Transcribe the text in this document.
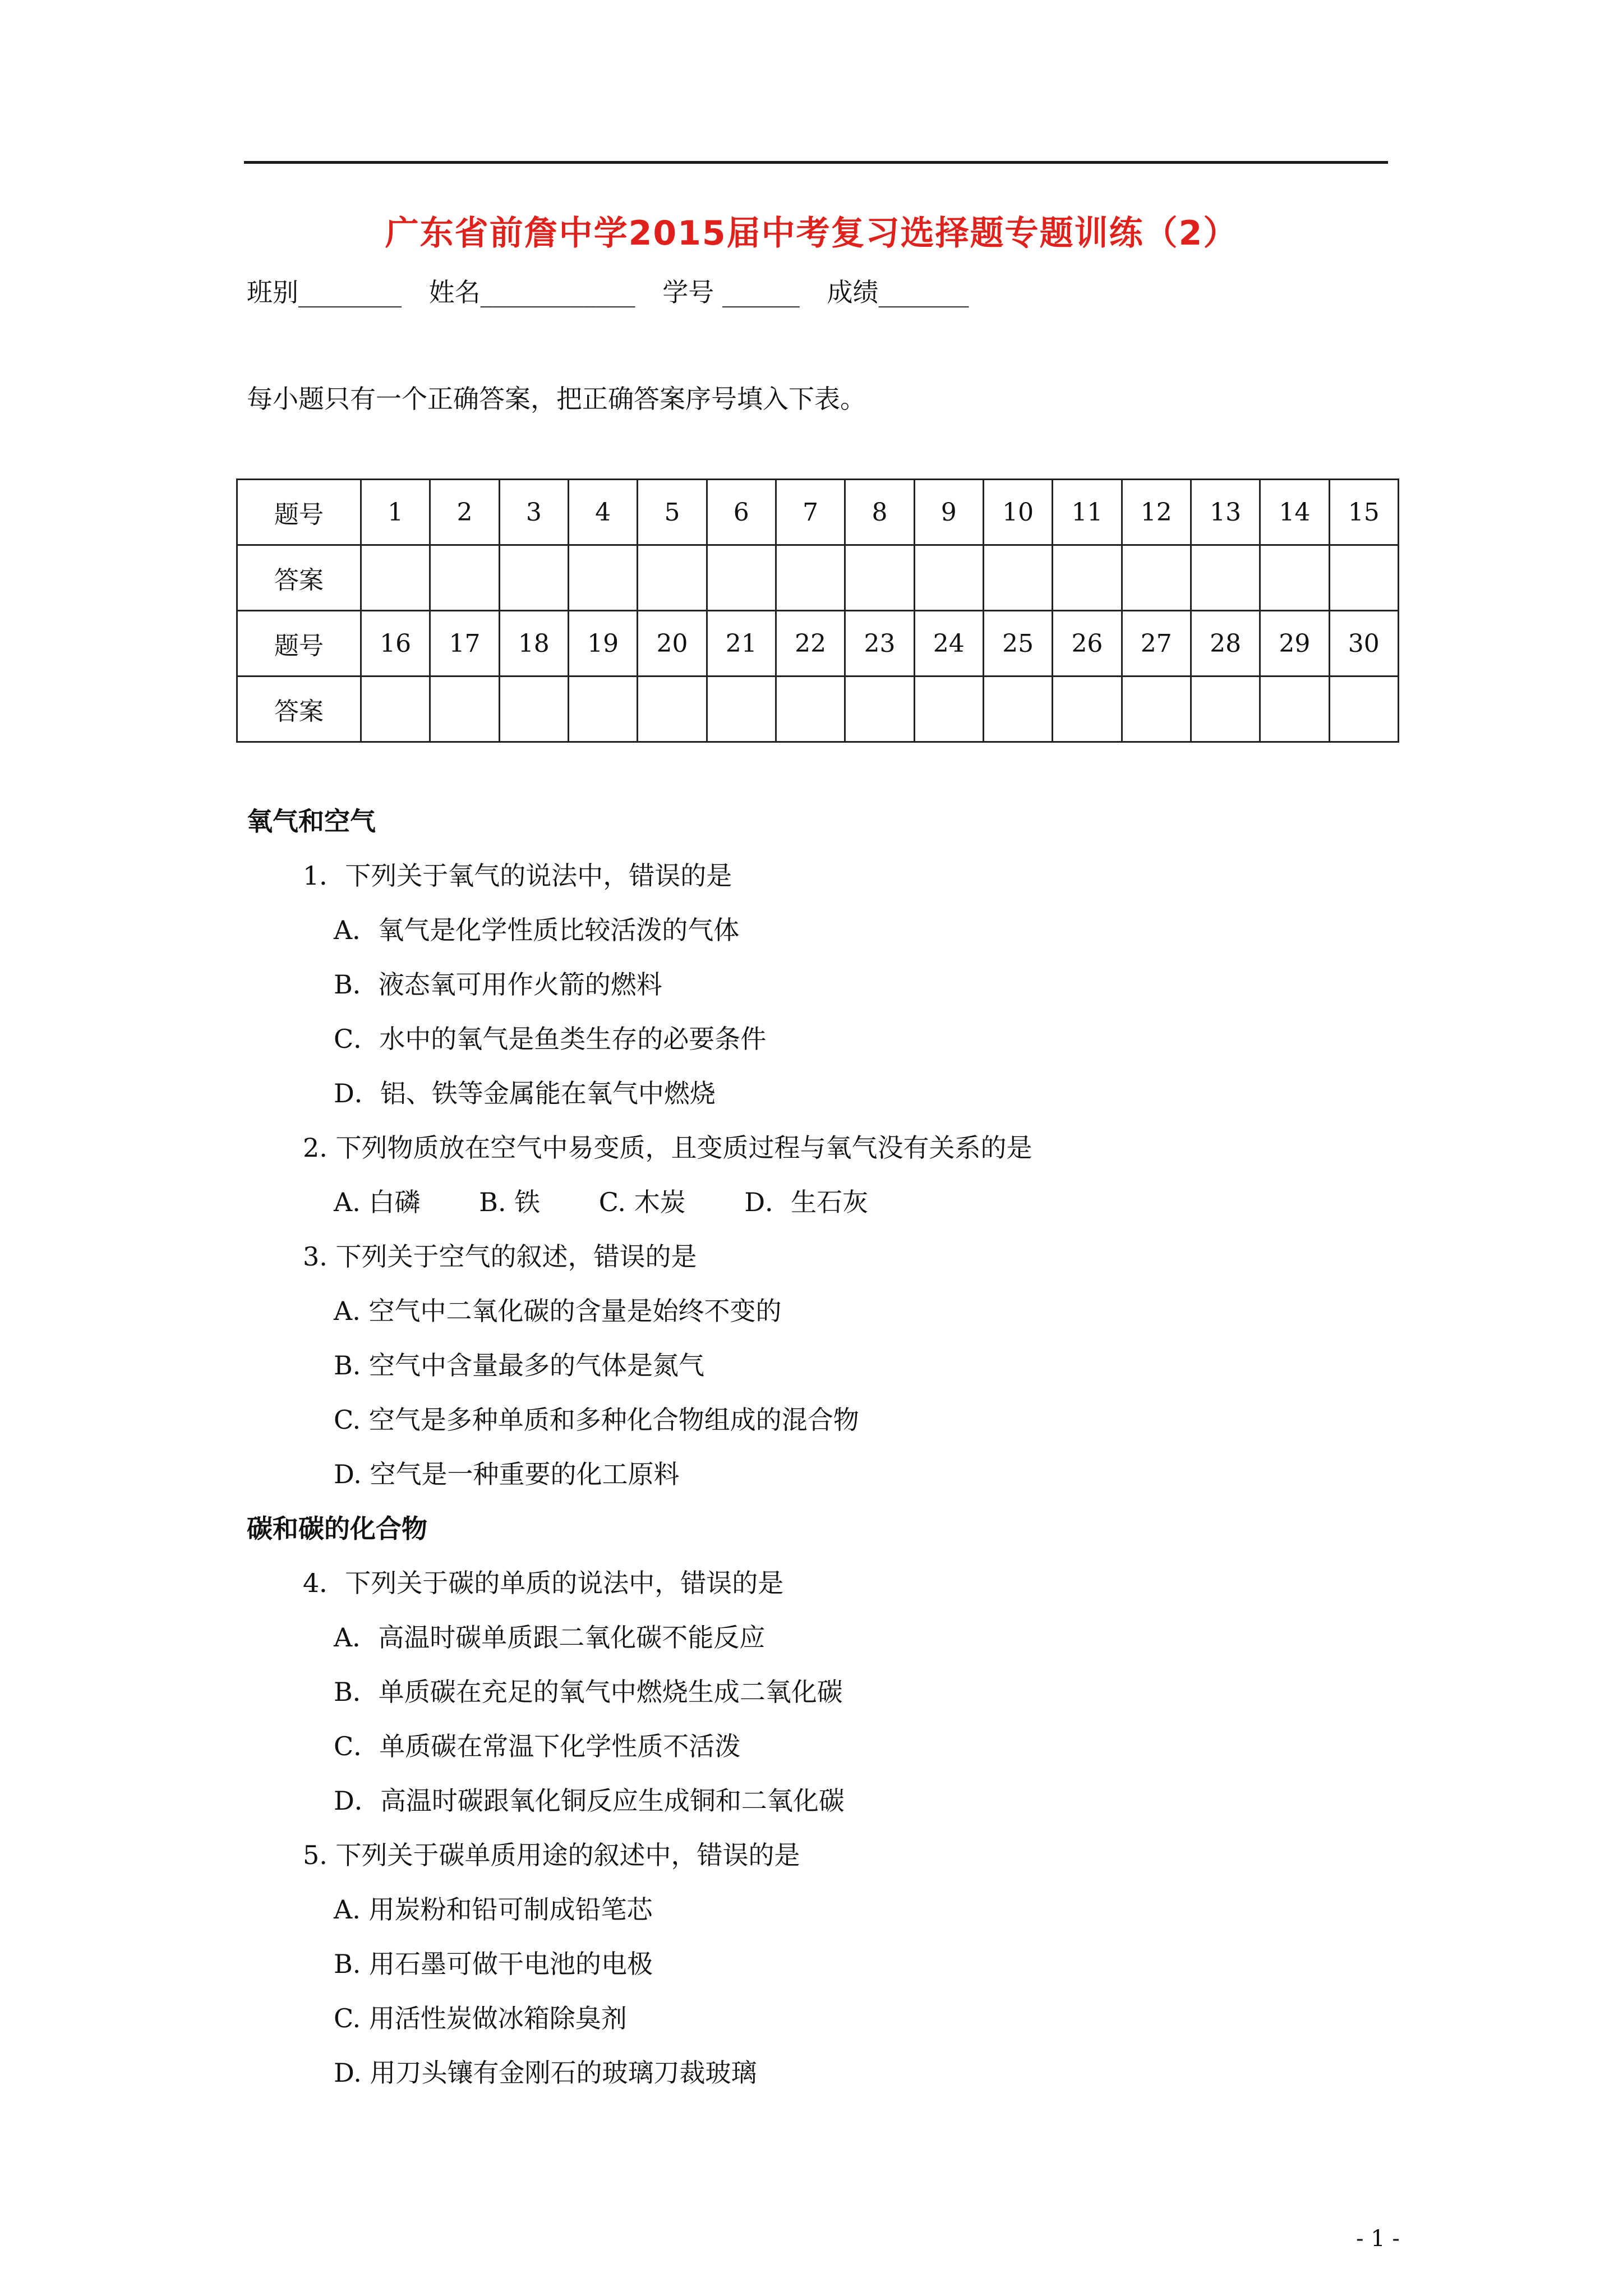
广东省前詹中学2015届中考复习选择题专题训练（2）
班别________ 姓名____________ 学号 ______ 成绩_______
每小题只有一个正确答案，把正确答案序号填入下表。
题号	1	2	3	4	5	6	7	8	9	10	11	12	13	14	15
答案															
题号	16	17	18	19	20	21	22	23	24	25	26	27	28	29	30
答案															
氧气和空气
1．下列关于氧气的说法中，错误的是
A．氧气是化学性质比较活泼的气体
B．液态氧可用作火箭的燃料
C．水中的氧气是鱼类生存的必要条件
D．铝、铁等金属能在氧气中燃烧
2. 下列物质放在空气中易变质，且变质过程与氧气没有关系的是
A. 白磷 B. 铁 C. 木炭 D．生石灰
3. 下列关于空气的叙述，错误的是
A. 空气中二氧化碳的含量是始终不变的
B. 空气中含量最多的气体是氮气
C. 空气是多种单质和多种化合物组成的混合物
D. 空气是一种重要的化工原料
碳和碳的化合物
4．下列关于碳的单质的说法中，错误的是
A．高温时碳单质跟二氧化碳不能反应
B．单质碳在充足的氧气中燃烧生成二氧化碳
C．单质碳在常温下化学性质不活泼
D．高温时碳跟氧化铜反应生成铜和二氧化碳
5. 下列关于碳单质用途的叙述中，错误的是
A. 用炭粉和铅可制成铅笔芯
B. 用石墨可做干电池的电极
C. 用活性炭做冰箱除臭剂
D. 用刀头镶有金刚石的玻璃刀裁玻璃
- 1 -
